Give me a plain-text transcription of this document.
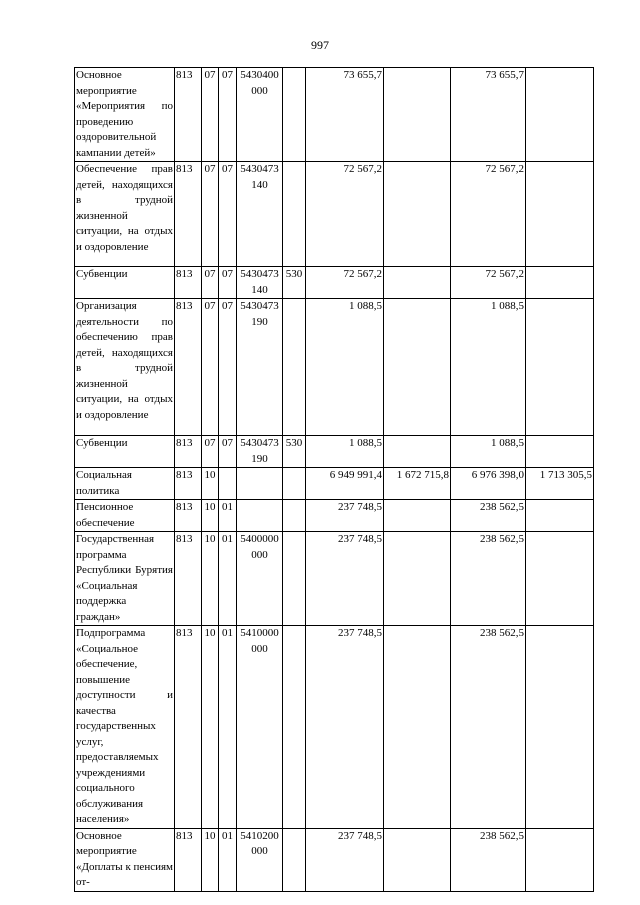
997
Основное мероприятие «Мероприятия по проведению оздоровительной кампании детей»	813	07	07	5430400000		73 655,7		73 655,7	

Обеспечение прав детей, находящихся в трудной жизненной ситуации, на отдых и оздоровление	813	07	07	5430473140		72 567,2		72 567,2	

Субвенции	813	07	07	5430473140	530	72 567,2		72 567,2	

Организация деятельности по обеспечению прав детей, находящихся в трудной жизненной ситуации, на отдых и оздоровление	813	07	07	5430473190		1 088,5		1 088,5	

Субвенции	813	07	07	5430473190	530	1 088,5		1 088,5	

Социальная политика	813	10				6 949 991,4	1 672 715,8	6 976 398,0	1 713 305,5

Пенсионное обеспечение	813	10	01			237 748,5		238 562,5	

Государственная программа Республики Бурятия «Социальная поддержка граждан»	813	10	01	5400000000		237 748,5		238 562,5	

Подпрограмма «Социальное обеспечение, повышение доступности и качества государственных услуг, предоставляемых учреждениями социального обслуживания населения»	813	10	01	5410000000		237 748,5		238 562,5	

Основное мероприятие «Доплаты к пенсиям от-	813	10	01	5410200000		237 748,5		238 562,5	
